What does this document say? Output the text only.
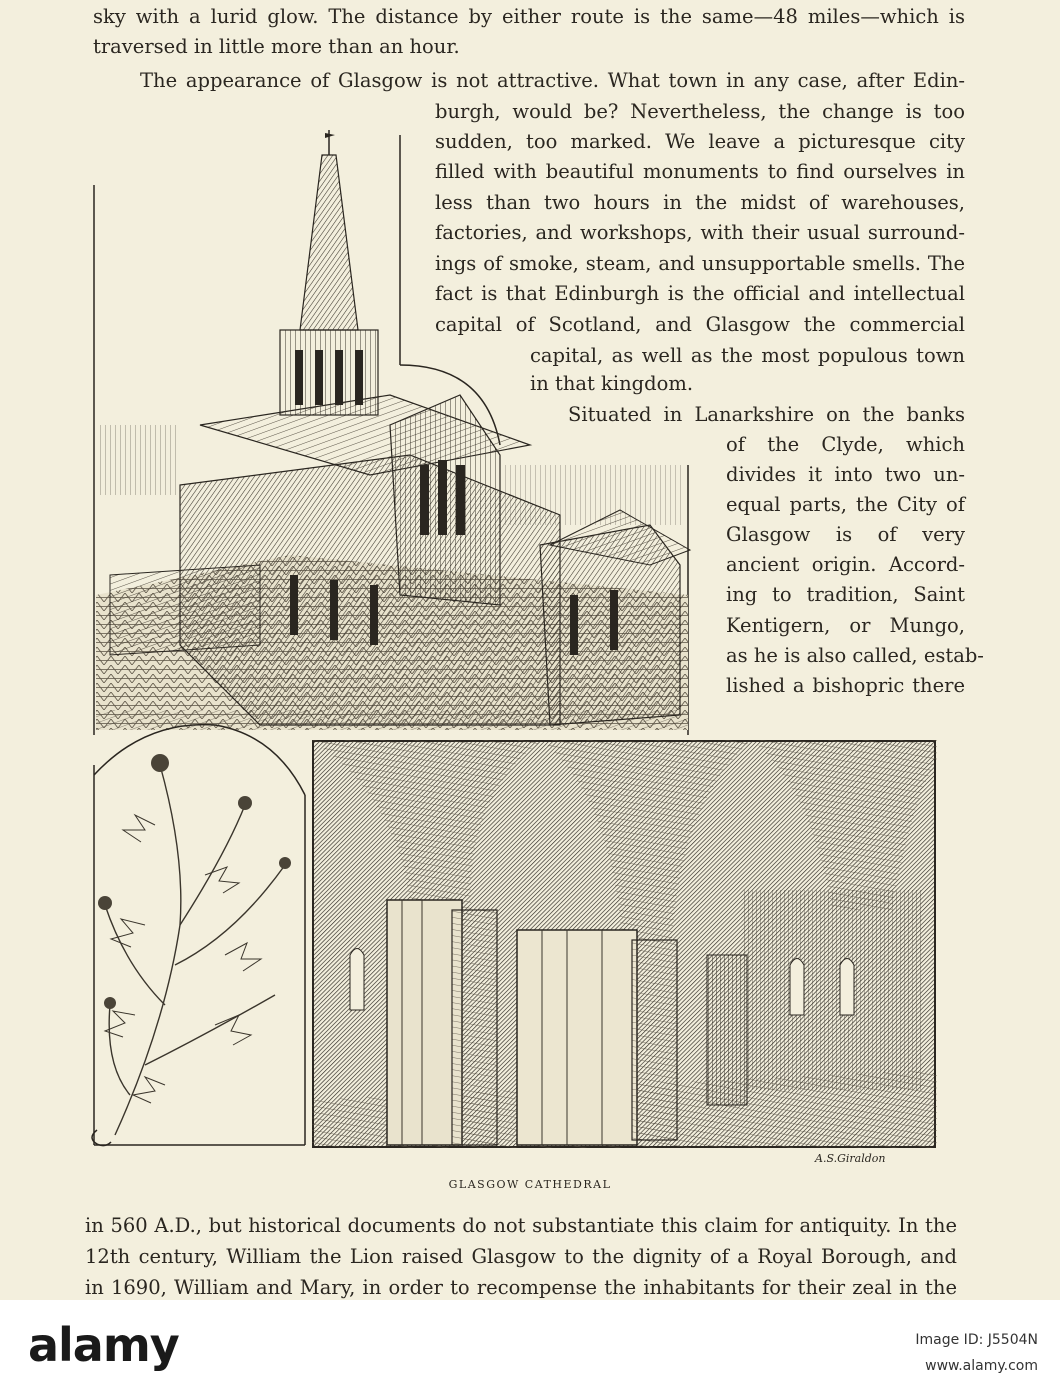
sky with a lurid glow. The distance by either route is the same—48 miles—which is
traversed in little more than an hour.
The appearance of Glasgow is not attractive. What town in any case, after Edin-
burgh, would be? Nevertheless, the change is too
sudden, too marked. We leave a picturesque city
filled with beautiful monuments to find ourselves in
less than two hours in the midst of warehouses,
factories, and workshops, with their usual surround-
ings of smoke, steam, and unsupportable smells. The
fact is that Edinburgh is the official and intellectual
capital of Scotland, and Glasgow the commercial
capital, as well as the most populous town
in that kingdom.
Situated in Lanarkshire on the banks
of the Clyde, which
divides it into two un-
equal parts, the City of
Glasgow is of very
ancient origin. Accord-
ing to tradition, Saint
Kentigern, or Mungo,
as he is also called, estab-
lished a bishopric there
A.S.Giraldon
GLASGOW CATHEDRAL
in 560 A.D., but historical documents do not substantiate this claim for antiquity. In the
12th century, William the Lion raised Glasgow to the dignity of a Royal Borough, and
in 1690, William and Mary, in order to recompense the inhabitants for their zeal in the
alamy	Image ID: J5504N
www.alamy.com
